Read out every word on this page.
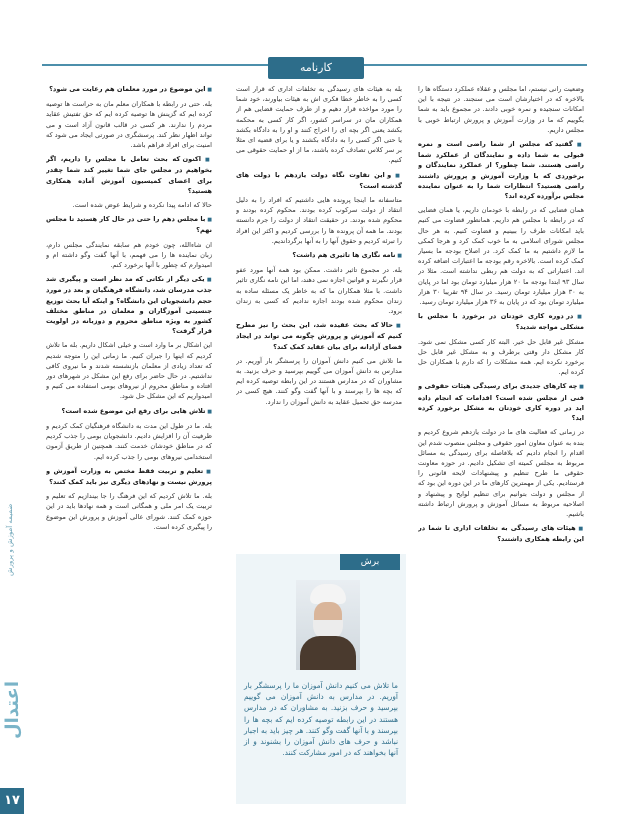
ضمیمه آموزش و پرورش
اعتدال
۱۷
کارنامه

وضعیت رانی نیستم، اما مجلس و عقلاء عملکرد دستگاه ها را بالاخره که در اختیارشان است می سنجند. در نتیجه با این امکانات سنجیده و نمره خوبی دادند. در مجموع باید به شما بگوییم که ما در وزارت آموزش و پرورش ارتباط خوبی با مجلس داریم.

■ گفتید که مجلس از شما راضی است و نمره قبولی به شما داده و نمایندگان از عملکرد شما راضی هستند. شما چطور؟ از عملکرد نمایندگان و برخوردی که با وزارت آموزش و پرورش داشتند راضی هستید؟ انتظارات شما را به عنوان نماینده مجلس برآورده کرده اند؟

همان فضایی که در رابطه با خودمان داریم، یا همان فضایی که در رابطه با مجلس هم داریم. همانطور قضاوت می کنیم باید امکانات طرف را ببینیم و قضاوت کنیم. به هر حال مجلس شورای اسلامی به ما خوب کمک کرد و هرجا کمکی ما لازم داشتیم به ما کمک کرد. در اصلاح بودجه ما بسیار کمک کرده است. بالاخره رقم بودجه ما اعتبارات اضافه کرده اند. اعتباراتی که به دولت هم ربطی نداشته است. مثلا در سال ۹۳ ابتدا بودجه ما ۲۰ هزار میلیارد تومان بود اما در پایان به ۳۰ هزار میلیارد تومان رسید. در سال ۹۴ تقریبا ۳۰ هزار میلیارد تومان بود که در پایان به ۳۶ هزار میلیارد تومان رسید.

■ در دوره کاری خودتان در برخورد با مجلس با مشکلی مواجه شدید؟

مشکل غیر قابل حل خیر. البته کار کسی مشکل نمی شود. کار مشکل دار وقتی برطرف و به مشکل غیر قابل حل برخورد نکرده ایم. همه مشکلات را که دارم با همکاران حل کرده ایم.

■ چه کارهای جدیدی برای رسیدگی هیئات حقوقی و فنی از مجلس شده است؟ اقدامات که انجام داده اید در دوره کاری خودتان به مشکل برخورد کرده اید؟

در زمانی که فعالیت های ما در دولت یازدهم شروع کردیم و بنده به عنوان معاون امور حقوقی و مجلس منصوب شدم این اقدام را انجام دادیم که بلافاصله برای رسیدگی به مسائل مربوط به مجلس کمیته ای تشکیل دادیم. در حوزه معاونت حقوقی ما طرح تنظیم و پیشنهادات لایحه قانونی را فرستادیم. یکی از مهمترین کارهای ما در این دوره این بود که از مجلس و دولت بتوانیم برای تنظیم لوایح و پیشنهاد و اصلاحیه مربوط به مسائل آموزش و پرورش ارتباط داشته باشیم.

■ هیئات های رسیدگی به تخلفات اداری تا شما در این رابطه همکاری داشتند؟

بله به هیئات های رسیدگی به تخلفات اداری که قرار است کسی را به خاطر خطا فکری اش به هیئات بیاورند، خود شما را مورد مواخذه قرار دهیم و از طرف حمایت قضایی هم از همکاران مان در سراسر کشور، اگر کار کسی به محکمه بکشد یعنی اگر بچه ای را اخراج کنند و او را به دادگاه بکشد یا حتی اگر کسی را به دادگاه بکشند و یا برای قضیه ای مثلا بر سر کلاس تصادف کرده باشند، ما از او حمایت حقوقی می کنیم.

■ و این تفاوت نگاه دولت یازدهم با دولت های گذشته است؟

متاسفانه ما اینجا پرونده هایی داشتیم که افراد را به دلیل انتقاد از دولت سرکوب کرده بودند. محکوم کرده بودند و محکوم شده بودند. در حقیقت انتقاد از دولت را جرم دانسته بودند. ما همه آن پرونده ها را بررسی کردیم و اکثر این افراد را تبرئه کردیم و حقوق آنها را به آنها برگرداندیم.

■ نامه نگاری ها تاثیری هم داشت؟

بله. در مجموع تاثیر داشت. ممکن بود همه آنها مورد عفو قرار نگیرند و قوانین اجازه نمی دهند، اما این نامه نگاری تاثیر داشت. با مثلا همکاران ما که به خاطر یک مسئله ساده به زندان محکوم شده بودند اجازه ندادیم که کسی به زندان برود.

■ حالا که بحث عقیده شد، این بحث را نیز مطرح کنیم که آموزش و پرورش چگونه می تواند در ایجاد فضای آزادانه برای بیان عقاید کمک کند؟

ما تلاش می کنیم دانش آموزان را پرسشگر بار آوریم. در مدارس به دانش آموزان می گوییم بپرسید و حرف بزنید. به مشاوران که در مدارس هستند در این رابطه توصیه کرده ایم که بچه ها را بپرسند و با آنها گفت وگو کنند. هیچ کسی در مدرسه حق تحمیل عقاید به دانش آموزان را ندارد.

■ این موضوع در مورد معلمان هم رعایت می شود؟

بله. حتی در رابطه با همکاران معلم مان به حراست ها توصیه کرده ایم که گزینش ها توصیه کرده ایم که حق تفتیش عقاید مردم را ندارند. هر کسی در قالب قانون آزاد است و می تواند اظهار نظر کند. پرسشگری در صورتی ایجاد می شود که امنیت برای افراد فراهم باشد.

■ اکنون که بحث تعامل با مجلس را داریم، اگر بخواهیم در مجلس جای شما تغییر کند شما چقدر برای اعضای کمیسیون آموزش آماده همکاری هستید؟

حالا که ادامه پیدا نکرده و شرایط عوض شده است.

■ با مجلس دهم را حتی در حال کار هستید تا مجلس نهم؟

ان شاءالله، چون خودم هم سابقه نمایندگی مجلس دارم، زبان نماینده ها را می فهمم، با آنها گفت وگو داشته ام و امیدوارم که چطور با آنها برخورد کنم.

■ یکی دیگر از نکاتی که مد نظر است و پیگیری شد جذب مدرسان شد، دانشگاه فرهنگیان و بعد در مورد حجم دانشجویان این دانشگاه؟ و اینکه آیا بحث توزیع جنسیتی آموزگاران و معلمان در مناطق مختلف کشور به ویژه مناطق محروم و دوزبانه در اولویت قرار گرفت؟

این اشکال بر ما وارد است و خیلی اشکال داریم. بله ما تلاش کردیم که اینها را جبران کنیم. ما زمانی این را متوجه شدیم که تعداد زیادی از معلمان بازنشسته شدند و ما نیروی کافی نداشتیم. در حال حاضر برای رفع این مشکل در شهرهای دور افتاده و مناطق محروم از نیروهای بومی استفاده می کنیم و امیدواریم که این مشکل حل شود.

■ تلاش هایی برای رفع این موضوع شده است؟

بله. ما در طول این مدت به دانشگاه فرهنگیان کمک کردیم و ظرفیت آن را افزایش دادیم. دانشجویان بومی را جذب کردیم که در مناطق خودشان خدمت کنند. همچنین از طریق آزمون استخدامی نیروهای بومی را جذب کرده ایم.

■ تعلیم و تربیت فقط مختص به وزارت آموزش و پرورش نیست و نهادهای دیگری نیز باید کمک کنند؟

بله. ما تلاش کردیم که این فرهنگ را جا بیندازیم که تعلیم و تربیت یک امر ملی و همگانی است و همه نهادها باید در این حوزه کمک کنند. شورای عالی آموزش و پرورش این موضوع را پیگیری کرده است.

برش
ما تلاش می کنیم دانش آموزان ما را پرسشگر بار آوریم. در مدارس به دانش آموزان می گوییم بپرسید و حرف بزنید. به مشاوران که در مدارس هستند در این رابطه توصیه کرده ایم که بچه ها را بپرسند و با آنها گفت وگو کنند. هر چیز باید به اجبار نباشد و حرف های دانش آموزان را بشنوند و از آنها بخواهند که در امور مشارکت کنند.
